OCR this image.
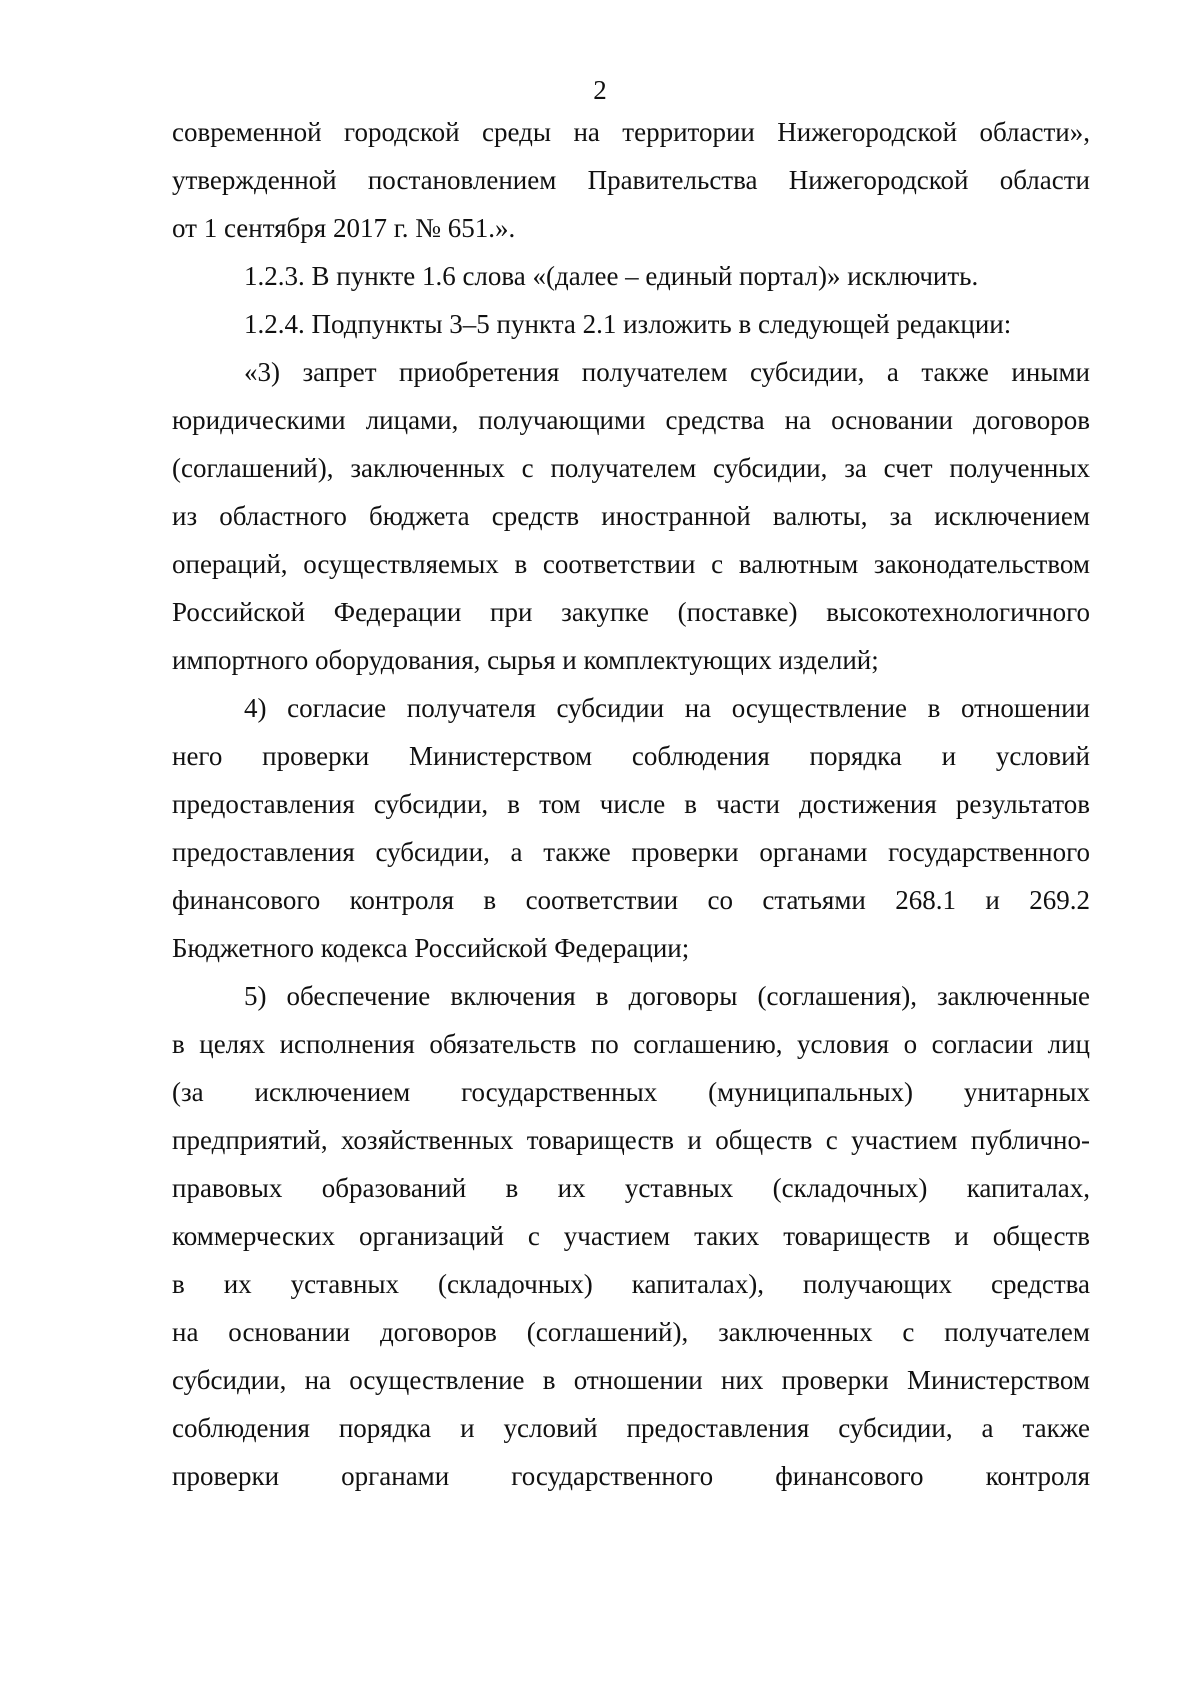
2
современной городской среды на территории Нижегородской области»,
утвержденной постановлением Правительства Нижегородской области
от 1 сентября 2017 г. № 651.».
1.2.3. В пункте 1.6 слова «(далее – единый портал)» исключить.
1.2.4. Подпункты 3–5 пункта 2.1 изложить в следующей редакции:
«3) запрет приобретения получателем субсидии, а также иными
юридическими лицами, получающими средства на основании договоров
(соглашений), заключенных с получателем субсидии, за счет полученных
из областного бюджета средств иностранной валюты, за исключением
операций, осуществляемых в соответствии с валютным законодательством
Российской Федерации при закупке (поставке) высокотехнологичного
импортного оборудования, сырья и комплектующих изделий;
4) согласие получателя субсидии на осуществление в отношении
него проверки Министерством соблюдения порядка и условий
предоставления субсидии, в том числе в части достижения результатов
предоставления субсидии, а также проверки органами государственного
финансового контроля в соответствии со статьями 268.1 и 269.2
Бюджетного кодекса Российской Федерации;
5) обеспечение включения в договоры (соглашения), заключенные
в целях исполнения обязательств по соглашению, условия о согласии лиц
(за исключением государственных (муниципальных) унитарных
предприятий, хозяйственных товариществ и обществ с участием публично-
правовых образований в их уставных (складочных) капиталах,
коммерческих организаций с участием таких товариществ и обществ
в их уставных (складочных) капиталах), получающих средства
на основании договоров (соглашений), заключенных с получателем
субсидии, на осуществление в отношении них проверки Министерством
соблюдения порядка и условий предоставления субсидии, а также
проверки органами государственного финансового контроля
